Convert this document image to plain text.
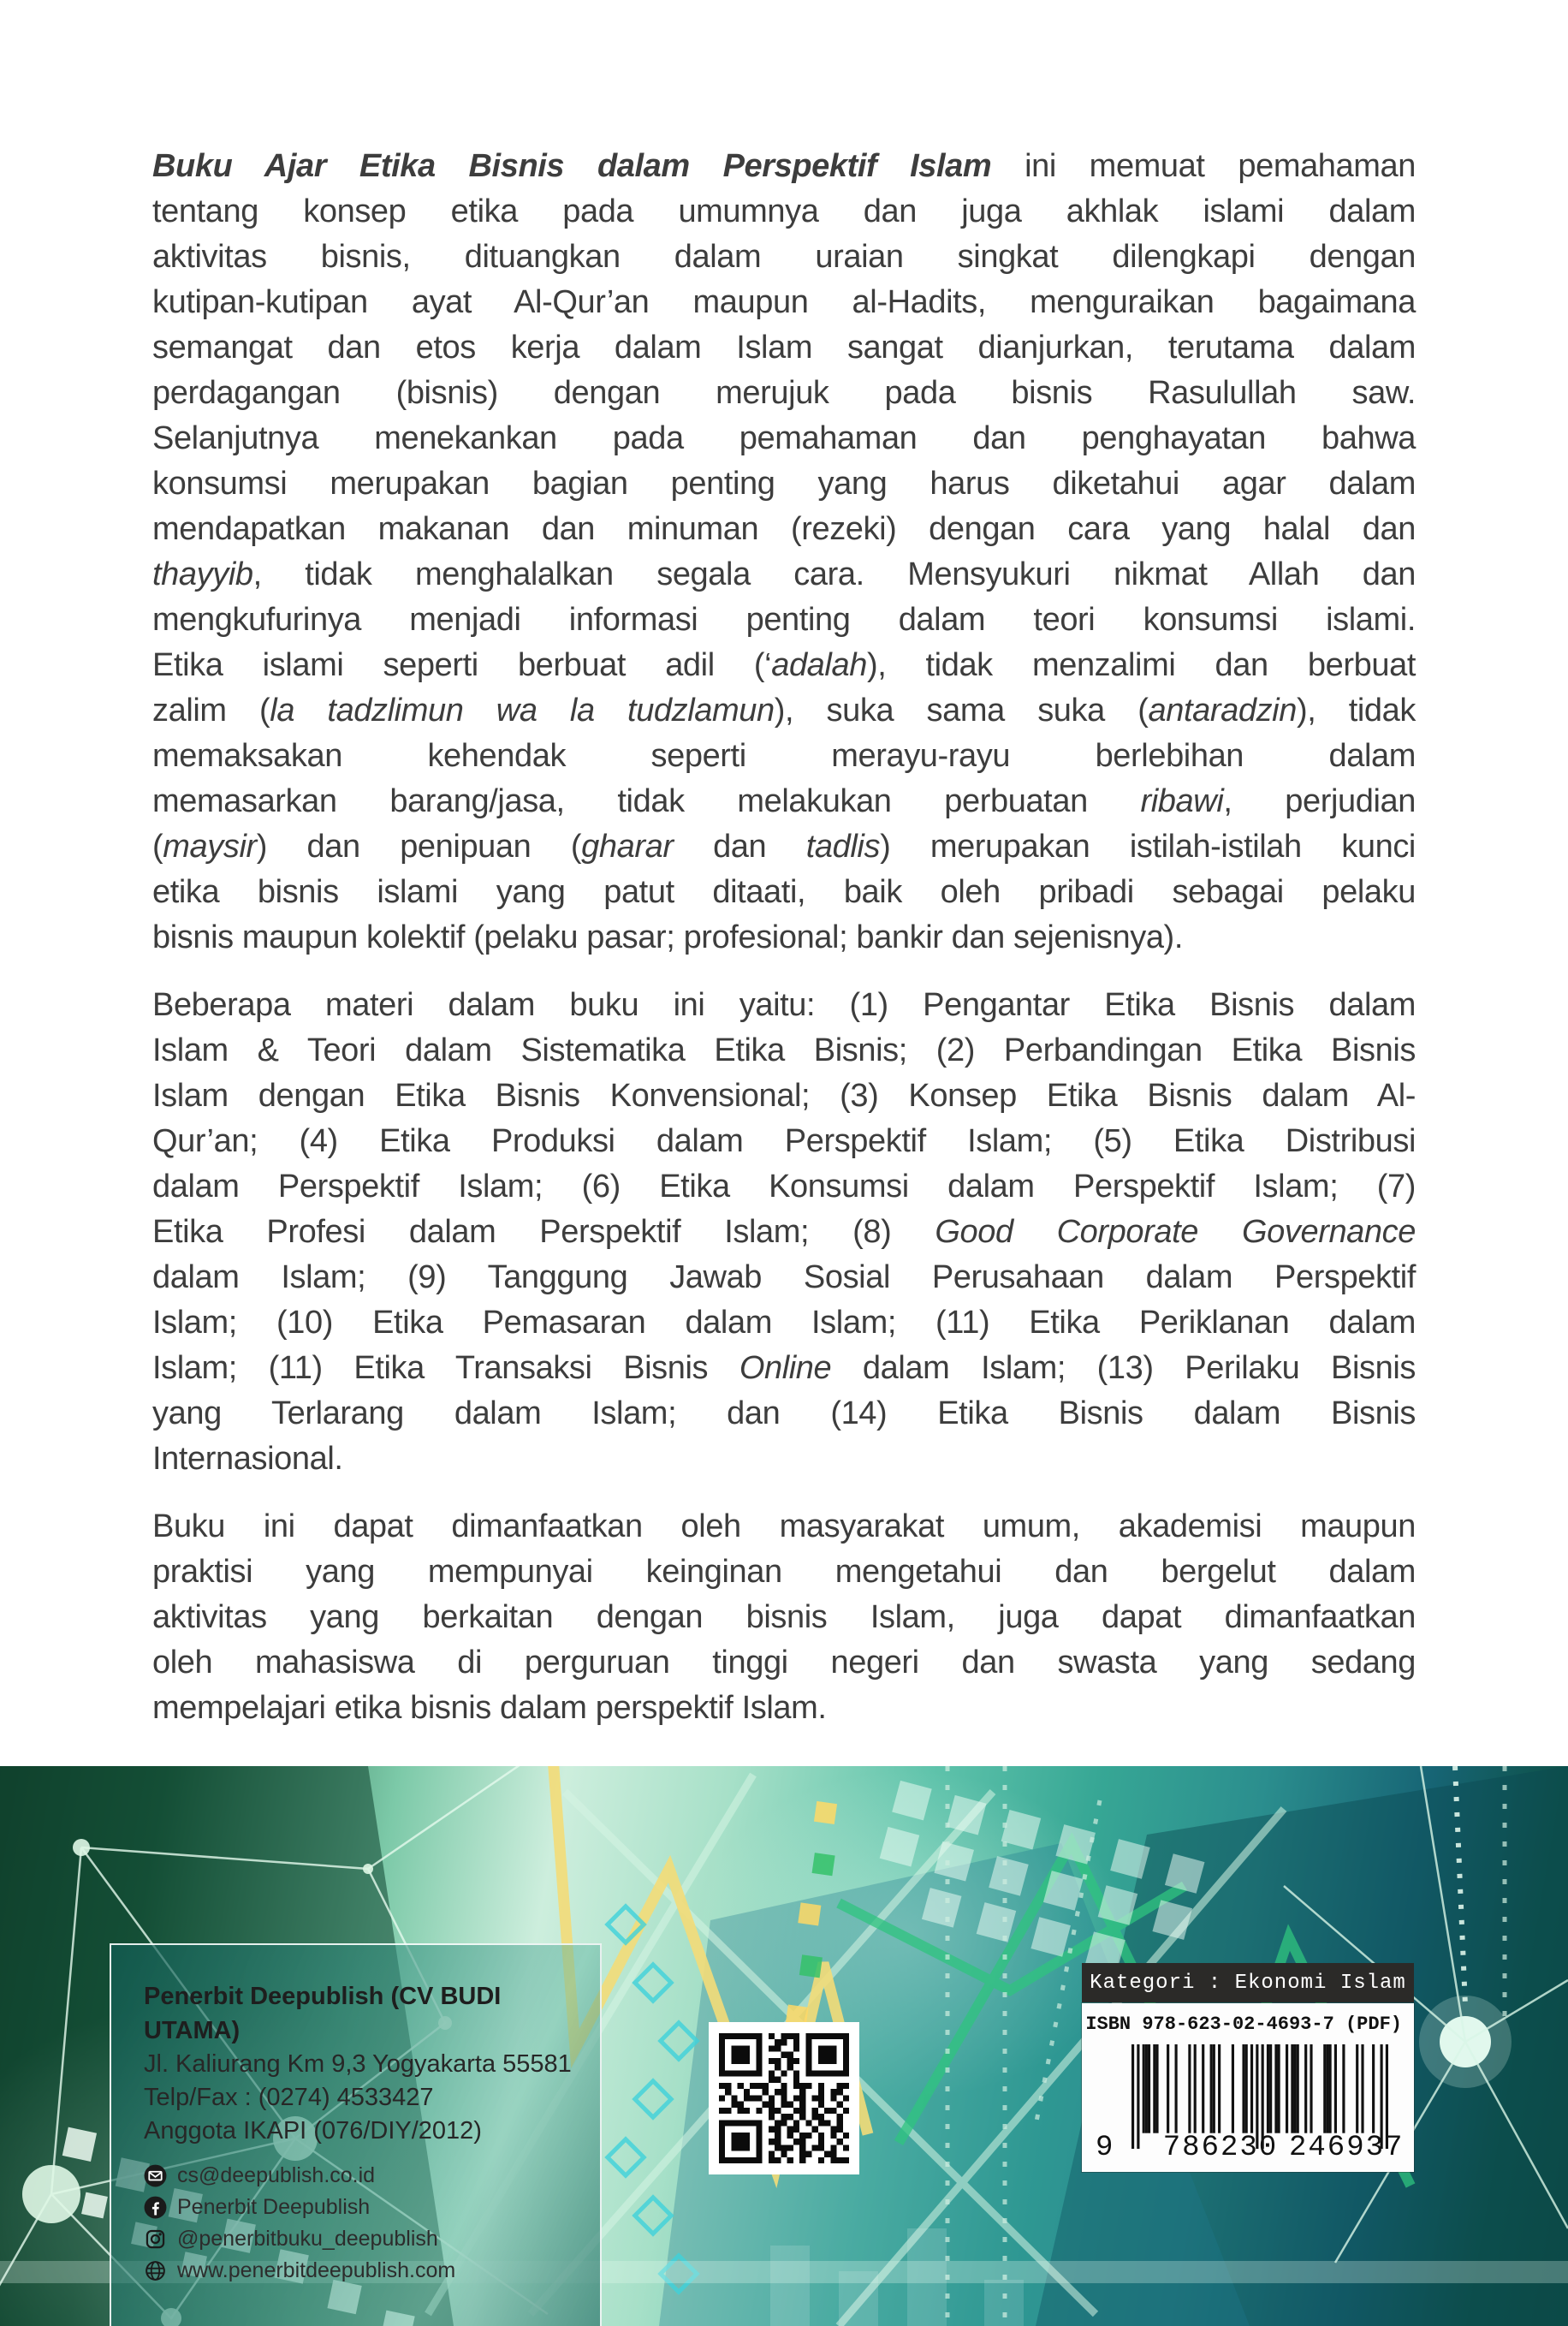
Buku Ajar Etika Bisnis dalam Perspektif Islam ini memuat pemahaman
tentang konsep etika pada umumnya dan juga akhlak islami dalam
aktivitas bisnis, dituangkan dalam uraian singkat dilengkapi dengan
kutipan-kutipan ayat Al-Qur’an maupun al-Hadits, menguraikan bagaimana
semangat dan etos kerja dalam Islam sangat dianjurkan, terutama dalam
perdagangan (bisnis) dengan merujuk pada bisnis Rasulullah saw.
Selanjutnya menekankan pada pemahaman dan penghayatan bahwa
konsumsi merupakan bagian penting yang harus diketahui agar dalam
mendapatkan makanan dan minuman (rezeki) dengan cara yang halal dan
thayyib, tidak menghalalkan segala cara. Mensyukuri nikmat Allah dan
mengkufurinya menjadi informasi penting dalam teori konsumsi islami.
Etika islami seperti berbuat adil (‘adalah), tidak menzalimi dan berbuat
zalim (la tadzlimun wa la tudzlamun), suka sama suka (antaradzin), tidak
memaksakan kehendak seperti merayu-rayu berlebihan dalam
memasarkan barang/jasa, tidak melakukan perbuatan ribawi, perjudian
(maysir) dan penipuan (gharar dan tadlis) merupakan istilah-istilah kunci
etika bisnis islami yang patut ditaati, baik oleh pribadi sebagai pelaku
bisnis maupun kolektif (pelaku pasar; profesional; bankir dan sejenisnya).
Beberapa materi dalam buku ini yaitu: (1) Pengantar Etika Bisnis dalam
Islam & Teori dalam Sistematika Etika Bisnis; (2) Perbandingan Etika Bisnis
Islam dengan Etika Bisnis Konvensional; (3) Konsep Etika Bisnis dalam Al-
Qur’an; (4) Etika Produksi dalam Perspektif Islam; (5) Etika Distribusi
dalam Perspektif Islam; (6) Etika Konsumsi dalam Perspektif Islam; (7)
Etika Profesi dalam Perspektif Islam; (8) Good Corporate Governance
dalam Islam; (9) Tanggung Jawab Sosial Perusahaan dalam Perspektif
Islam; (10) Etika Pemasaran dalam Islam; (11) Etika Periklanan dalam
Islam; (11) Etika Transaksi Bisnis Online dalam Islam; (13) Perilaku Bisnis
yang Terlarang dalam Islam; dan (14) Etika Bisnis dalam Bisnis
Internasional.
Buku ini dapat dimanfaatkan oleh masyarakat umum, akademisi maupun
praktisi yang mempunyai keinginan mengetahui dan bergelut dalam
aktivitas yang berkaitan dengan bisnis Islam, juga dapat dimanfaatkan
oleh mahasiswa di perguruan tinggi negeri dan swasta yang sedang
mempelajari etika bisnis dalam perspektif Islam.
Penerbit Deepublish (CV BUDI UTAMA)
Jl. Kaliurang Km 9,3 Yogyakarta 55581
Telp/Fax : (0274) 4533427
Anggota IKAPI (076/DIY/2012)
cs@deepublish.co.id
Penerbit Deepublish
@penerbitbuku_deepublish
www.penerbitdeepublish.com
Kategori : Ekonomi Islam
ISBN 978-623-02-4693-7 (PDF)
9 786230 246937
